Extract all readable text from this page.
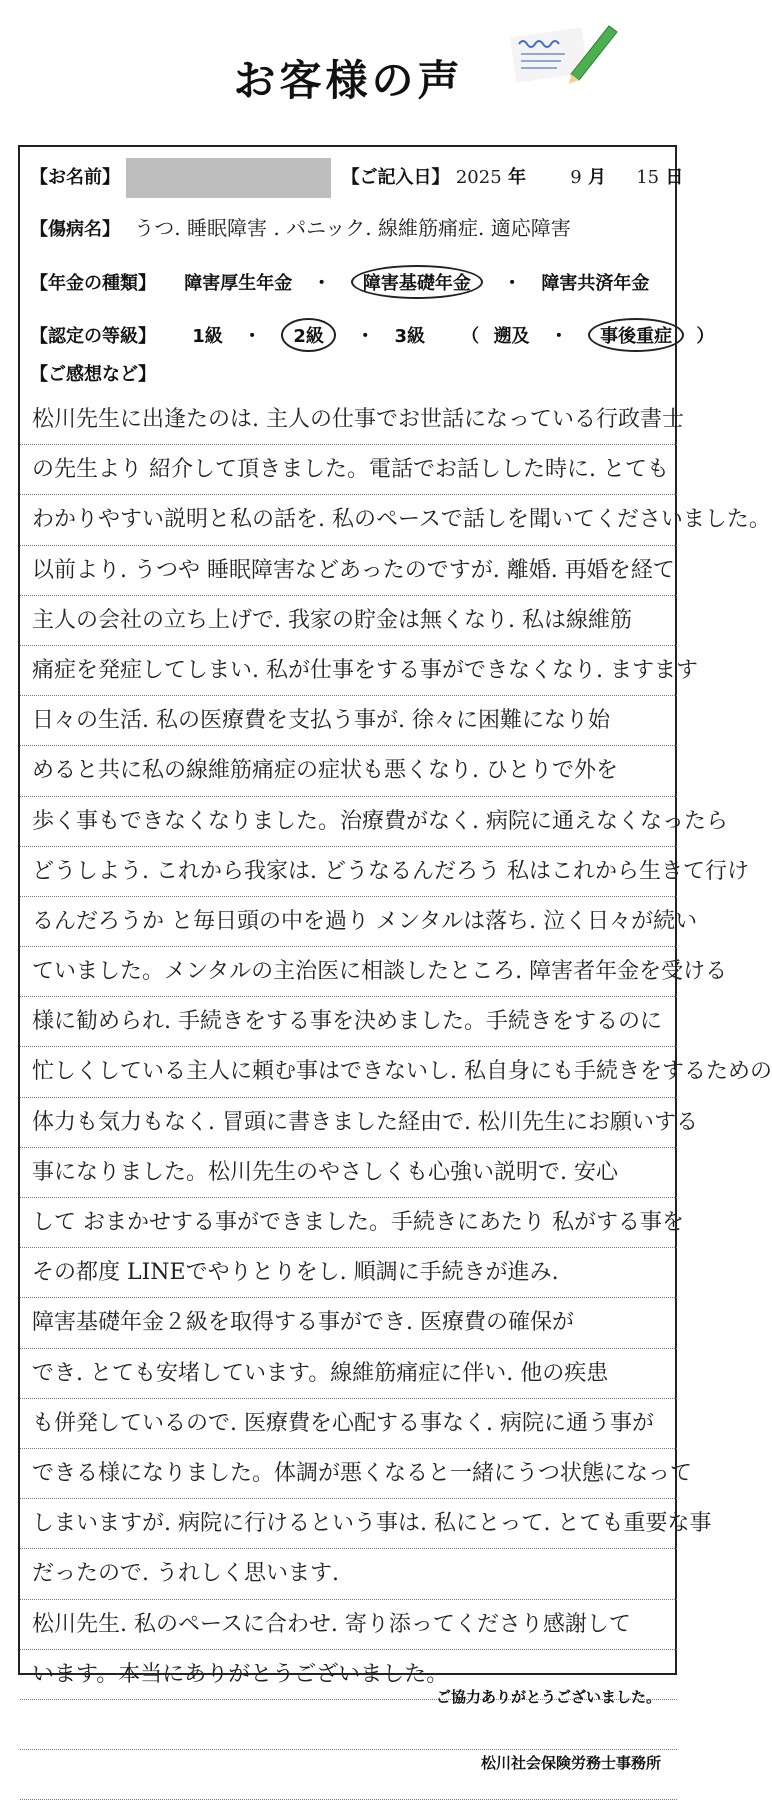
お客様の声
【お名前】	【ご記入日】 2025 年 9 月 15 日
【傷病名】 うつ. 睡眠障害 . パニック. 線維筋痛症. 適応障害
【年金の種類】 障害厚生年金 ・ 障害基礎年金 ・ 障害共済年金
【認定の等級】 1級 ・ 2級 ・ 3級 （ 遡及 ・ 事後重症 ）
【ご感想など】
松川先生に出逢たのは. 主人の仕事でお世話になっている行政書士
の先生より 紹介して頂きました。電話でお話しした時に. とても
わかりやすい説明と私の話を. 私のペースで話しを聞いてくださいました。
以前より. うつや 睡眠障害などあったのですが. 離婚. 再婚を経て
主人の会社の立ち上げで. 我家の貯金は無くなり. 私は線維筋
痛症を発症してしまい. 私が仕事をする事ができなくなり. ますます
日々の生活. 私の医療費を支払う事が. 徐々に困難になり始
めると共に私の線維筋痛症の症状も悪くなり. ひとりで外を
歩く事もできなくなりました。治療費がなく. 病院に通えなくなったら
どうしよう. これから我家は. どうなるんだろう 私はこれから生きて行け
るんだろうか と毎日頭の中を過り メンタルは落ち. 泣く日々が続い
ていました。メンタルの主治医に相談したところ. 障害者年金を受ける
様に勧められ. 手続きをする事を決めました。手続きをするのに
忙しくしている主人に頼む事はできないし. 私自身にも手続きをするための
体力も気力もなく. 冒頭に書きました経由で. 松川先生にお願いする
事になりました。松川先生のやさしくも心強い説明で. 安心
して おまかせする事ができました。手続きにあたり 私がする事を
その都度 LINEでやりとりをし. 順調に手続きが進み.
障害基礎年金２級を取得する事ができ. 医療費の確保が
でき. とても安堵しています。線維筋痛症に伴い. 他の疾患
も併発しているので. 医療費を心配する事なく. 病院に通う事が
できる様になりました。体調が悪くなると一緒にうつ状態になって
しまいますが. 病院に行けるという事は. 私にとって. とても重要な事
だったので. うれしく思います.
松川先生. 私のペースに合わせ. 寄り添ってくださり感謝して
います。本当にありがとうございました。
ご協力ありがとうございました。
松川社会保険労務士事務所
